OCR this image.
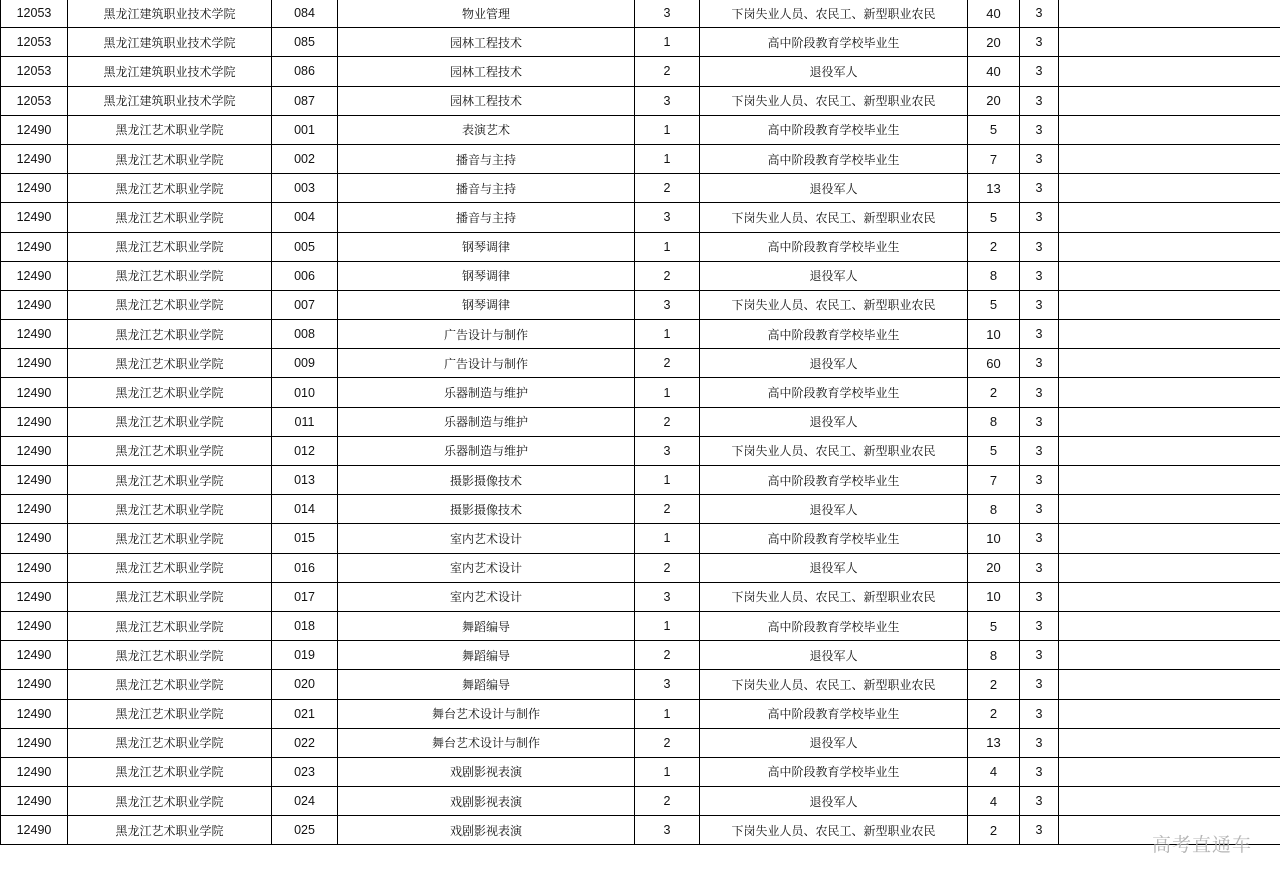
12053	黑龙江建筑职业技术学院	084	物业管理	3	下岗失业人员、农民工、新型职业农民	40	3	
12053	黑龙江建筑职业技术学院	085	园林工程技术	1	高中阶段教育学校毕业生	20	3	
12053	黑龙江建筑职业技术学院	086	园林工程技术	2	退役军人	40	3	
12053	黑龙江建筑职业技术学院	087	园林工程技术	3	下岗失业人员、农民工、新型职业农民	20	3	
12490	黑龙江艺术职业学院	001	表演艺术	1	高中阶段教育学校毕业生	5	3	
12490	黑龙江艺术职业学院	002	播音与主持	1	高中阶段教育学校毕业生	7	3	
12490	黑龙江艺术职业学院	003	播音与主持	2	退役军人	13	3	
12490	黑龙江艺术职业学院	004	播音与主持	3	下岗失业人员、农民工、新型职业农民	5	3	
12490	黑龙江艺术职业学院	005	钢琴调律	1	高中阶段教育学校毕业生	2	3	
12490	黑龙江艺术职业学院	006	钢琴调律	2	退役军人	8	3	
12490	黑龙江艺术职业学院	007	钢琴调律	3	下岗失业人员、农民工、新型职业农民	5	3	
12490	黑龙江艺术职业学院	008	广告设计与制作	1	高中阶段教育学校毕业生	10	3	
12490	黑龙江艺术职业学院	009	广告设计与制作	2	退役军人	60	3	
12490	黑龙江艺术职业学院	010	乐器制造与维护	1	高中阶段教育学校毕业生	2	3	
12490	黑龙江艺术职业学院	011	乐器制造与维护	2	退役军人	8	3	
12490	黑龙江艺术职业学院	012	乐器制造与维护	3	下岗失业人员、农民工、新型职业农民	5	3	
12490	黑龙江艺术职业学院	013	摄影摄像技术	1	高中阶段教育学校毕业生	7	3	
12490	黑龙江艺术职业学院	014	摄影摄像技术	2	退役军人	8	3	
12490	黑龙江艺术职业学院	015	室内艺术设计	1	高中阶段教育学校毕业生	10	3	
12490	黑龙江艺术职业学院	016	室内艺术设计	2	退役军人	20	3	
12490	黑龙江艺术职业学院	017	室内艺术设计	3	下岗失业人员、农民工、新型职业农民	10	3	
12490	黑龙江艺术职业学院	018	舞蹈编导	1	高中阶段教育学校毕业生	5	3	
12490	黑龙江艺术职业学院	019	舞蹈编导	2	退役军人	8	3	
12490	黑龙江艺术职业学院	020	舞蹈编导	3	下岗失业人员、农民工、新型职业农民	2	3	
12490	黑龙江艺术职业学院	021	舞台艺术设计与制作	1	高中阶段教育学校毕业生	2	3	
12490	黑龙江艺术职业学院	022	舞台艺术设计与制作	2	退役军人	13	3	
12490	黑龙江艺术职业学院	023	戏剧影视表演	1	高中阶段教育学校毕业生	4	3	
12490	黑龙江艺术职业学院	024	戏剧影视表演	2	退役军人	4	3	
12490	黑龙江艺术职业学院	025	戏剧影视表演	3	下岗失业人员、农民工、新型职业农民	2	3	
高考直通车
